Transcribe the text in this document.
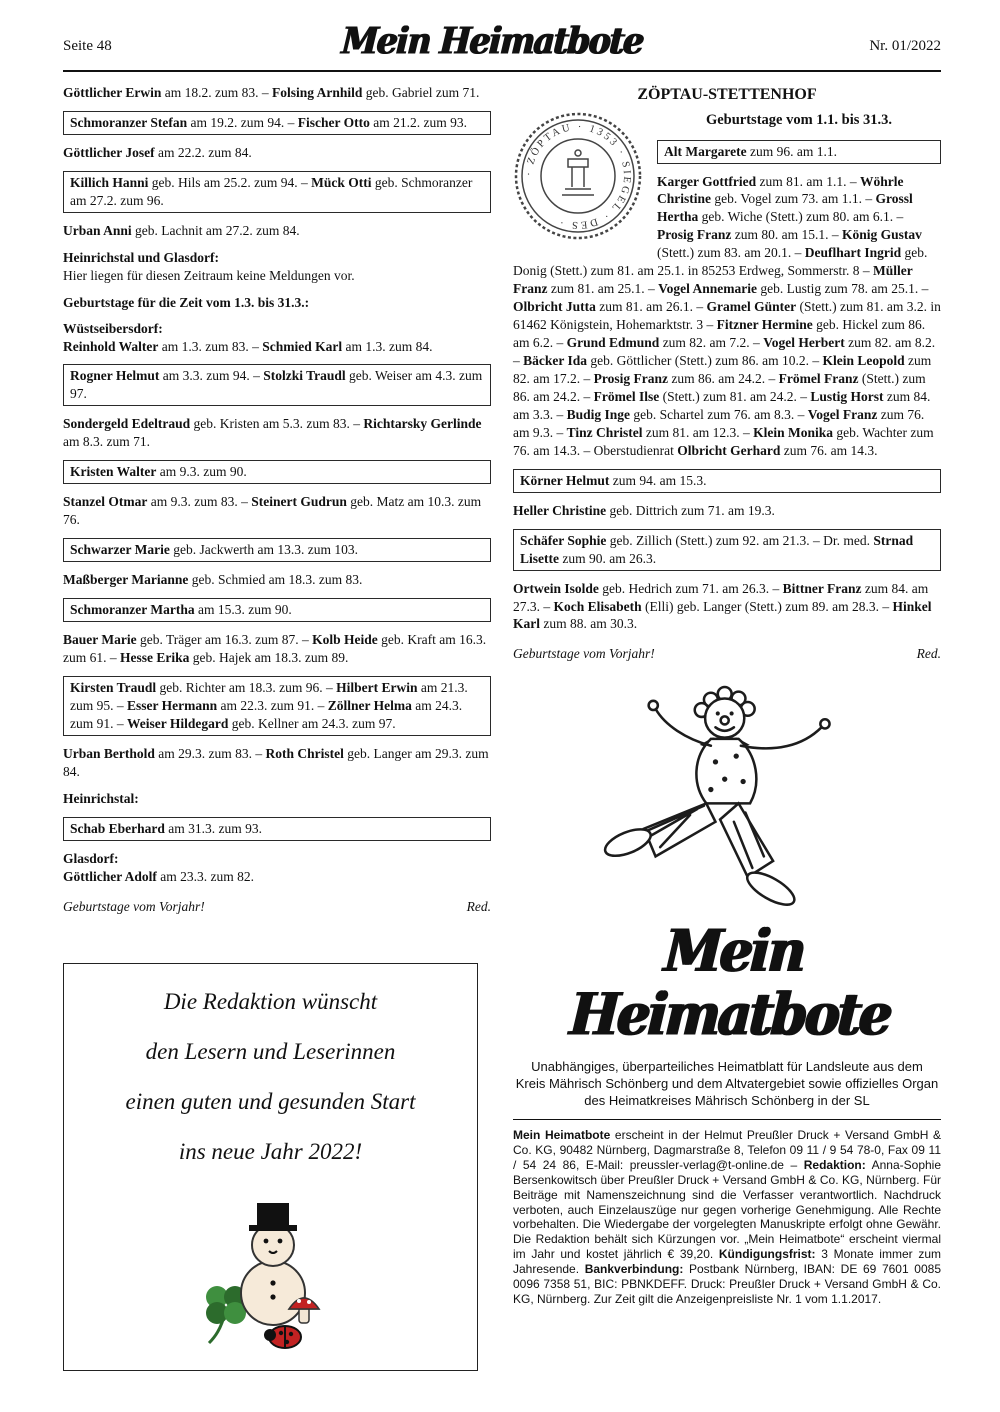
Seite 48	Mein Heimatbote	Nr. 01/2022
Göttlicher Erwin am 18.2. zum 83. – Folsing Arnhild geb. Gabriel zum 71.
Schmoranzer Stefan am 19.2. zum 94. – Fischer Otto am 21.2. zum 93.
Göttlicher Josef am 22.2. zum 84.
Killich Hanni geb. Hils am 25.2. zum 94. – Mück Otti geb. Schmoranzer am 27.2. zum 96.
Urban Anni geb. Lachnit am 27.2. zum 84.
Heinrichstal und Glasdorf:
Hier liegen für diesen Zeitraum keine Meldungen vor.
Geburtstage für die Zeit vom 1.3. bis 31.3.:
Wüstseibersdorf:
Reinhold Walter am 1.3. zum 83. – Schmied Karl am 1.3. zum 84.
Rogner Helmut am 3.3. zum 94. – Stolzki Traudl geb. Weiser am 4.3. zum 97.
Sondergeld Edeltraud geb. Kristen am 5.3. zum 83. – Richtarsky Gerlinde am 8.3. zum 71.
Kristen Walter am 9.3. zum 90.
Stanzel Otmar am 9.3. zum 83. – Steinert Gudrun geb. Matz am 10.3. zum 76.
Schwarzer Marie geb. Jackwerth am 13.3. zum 103.
Maßberger Marianne geb. Schmied am 18.3. zum 83.
Schmoranzer Martha am 15.3. zum 90.
Bauer Marie geb. Träger am 16.3. zum 87. – Kolb Heide geb. Kraft am 16.3. zum 61. – Hesse Erika geb. Hajek am 18.3. zum 89.
Kirsten Traudl geb. Richter am 18.3. zum 96. – Hilbert Erwin am 21.3. zum 95. – Esser Hermann am 22.3. zum 91. – Zöllner Helma am 24.3. zum 91. – Weiser Hildegard geb. Kellner am 24.3. zum 97.
Urban Berthold am 29.3. zum 83. – Roth Christel geb. Langer am 29.3. zum 84.
Heinrichstal:
Schab Eberhard am 31.3. zum 93.
Glasdorf:
Göttlicher Adolf am 23.3. zum 82.
Geburtstage vom Vorjahr!	Red.
Die Redaktion wünscht
den Lesern und Leserinnen
einen guten und gesunden Start
ins neue Jahr 2022!
ZÖPTAU-STETTENHOF
· ZÖPTAU · 1353 · SIEGEL · DES ·
Geburtstage vom 1.1. bis 31.3.
Alt Margarete zum 96. am 1.1.
Karger Gottfried zum 81. am 1.1. – Wöhrle Christine geb. Vogel zum 73. am 1.1. – Grossl Hertha geb. Wiche (Stett.) zum 80. am 6.1. – Prosig Franz zum 80. am 15.1. – König Gustav (Stett.) zum 83. am 20.1. – Deuflhart Ingrid geb. Donig (Stett.) zum 81. am 25.1. in 85253 Erdweg, Sommerstr. 8 – Müller Franz zum 81. am 25.1. – Vogel Annemarie geb. Lustig zum 78. am 25.1. – Olbricht Jutta zum 81. am 26.1. – Gramel Günter (Stett.) zum 81. am 3.2. in 61462 Königstein, Hohemarktstr. 3 – Fitzner Hermine geb. Hickel zum 86. am 6.2. – Grund Edmund zum 82. am 7.2. – Vogel Herbert zum 82. am 8.2. – Bäcker Ida geb. Göttlicher (Stett.) zum 86. am 10.2. – Klein Leopold zum 82. am 17.2. – Prosig Franz zum 86. am 24.2. – Frömel Franz (Stett.) zum 86. am 24.2. – Frömel Ilse (Stett.) zum 81. am 24.2. – Lustig Horst zum 84. am 3.3. – Budig Inge geb. Schartel zum 76. am 8.3. – Vogel Franz zum 76. am 9.3. – Tinz Christel zum 81. am 12.3. – Klein Monika geb. Wachter zum 76. am 14.3. – Oberstudienrat Olbricht Gerhard zum 76. am 14.3.
Körner Helmut zum 94. am 15.3.
Heller Christine geb. Dittrich zum 71. am 19.3.
Schäfer Sophie geb. Zillich (Stett.) zum 92. am 21.3. – Dr. med. Strnad Lisette zum 90. am 26.3.
Ortwein Isolde geb. Hedrich zum 71. am 26.3. – Bittner Franz zum 84. am 27.3. – Koch Elisabeth (Elli) geb. Langer (Stett.) zum 89. am 28.3. – Hinkel Karl zum 88. am 30.3.
Geburtstage vom Vorjahr!	Red.
Mein Heimatbote
Unabhängiges, überparteiliches Heimatblatt für Landsleute aus dem Kreis Mährisch Schönberg und dem Altvatergebiet sowie offizielles Organ des Heimatkreises Mährisch Schönberg in der SL
Mein Heimatbote erscheint in der Helmut Preußler Druck + Versand GmbH & Co. KG, 90482 Nürnberg, Dagmarstraße 8, Telefon 09 11 / 9 54 78-0, Fax 09 11 / 54 24 86, E-Mail: preussler-verlag@t-online.de – Redaktion: Anna-Sophie Bersenkowitsch über Preußler Druck + Versand GmbH & Co. KG, Nürnberg. Für Beiträge mit Namenszeichnung sind die Verfasser verantwortlich. Nachdruck verboten, auch Einzelauszüge nur gegen vorherige Genehmigung. Alle Rechte vorbehalten. Die Wiedergabe der vorgelegten Manuskripte erfolgt ohne Gewähr. Die Redaktion behält sich Kürzungen vor. „Mein Heimatbote“ erscheint viermal im Jahr und kostet jährlich € 39,20. Kündigungsfrist: 3 Monate immer zum Jahresende. Bankverbindung: Postbank Nürnberg, IBAN: DE 69 7601 0085 0096 7358 51, BIC: PBNKDEFF. Druck: Preußler Druck + Versand GmbH & Co. KG, Nürnberg. Zur Zeit gilt die Anzeigenpreisliste Nr. 1 vom 1.1.2017.
